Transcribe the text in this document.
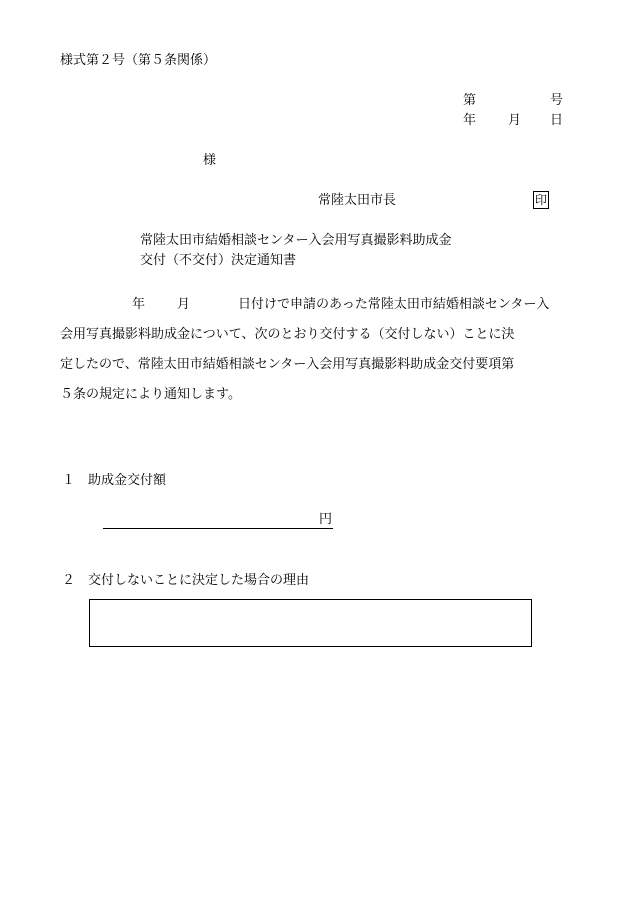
様式第２号（第５条関係）
第	号
年 月 日
様
常陸太田市長	印
常陸太田市結婚相談センター入会用写真撮影料助成金
交付（不交付）決定通知書
年 月	日付けで申請のあった常陸太田市結婚相談センター入
会用写真撮影料助成金について、次のとおり交付する（交付しない）ことに決
定したので、常陸太田市結婚相談センター入会用写真撮影料助成金交付要項第
５条の規定により通知します。
１ 助成金交付額
円
２ 交付しないことに決定した場合の理由
